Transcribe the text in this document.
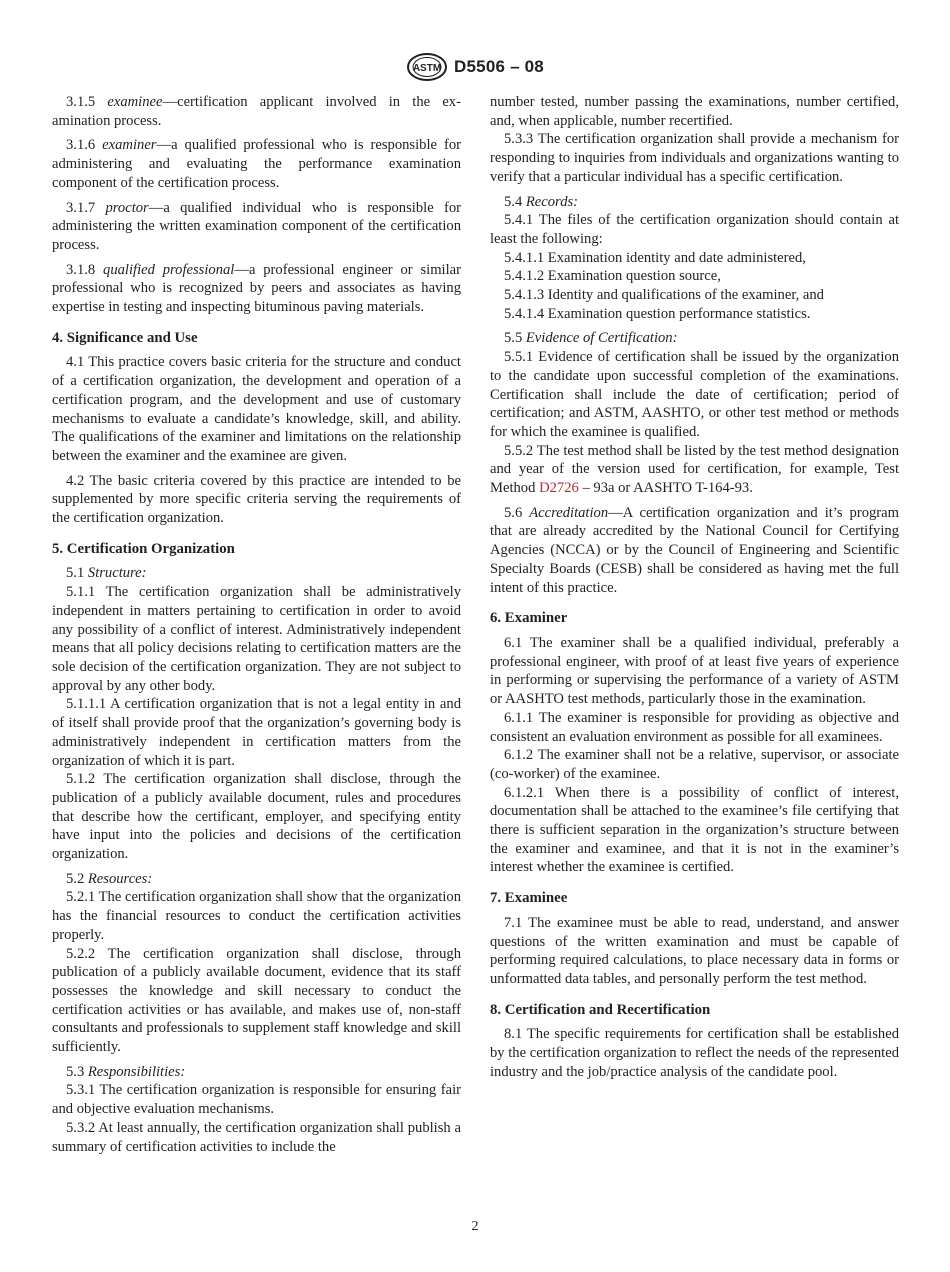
ASTM D5506 – 08

3.1.5 examinee—certification applicant involved in the examination process.

3.1.6 examiner—a qualified professional who is responsible for administering and evaluating the performance examination component of the certification process.

3.1.7 proctor—a qualified individual who is responsible for administering the written examination component of the certification process.

3.1.8 qualified professional—a professional engineer or similar professional who is recognized by peers and associates as having expertise in testing and inspecting bituminous paving materials.

4. Significance and Use

4.1 This practice covers basic criteria for the structure and conduct of a certification organization, the development and operation of a certification program, and the development and use of customary mechanisms to evaluate a candidate’s knowledge, skill, and ability. The qualifications of the examiner and limitations on the relationship between the examiner and the examinee are given.

4.2 The basic criteria covered by this practice are intended to be supplemented by more specific criteria serving the requirements of the certification organization.

5. Certification Organization

5.1 Structure:

5.1.1 The certification organization shall be administratively independent in matters pertaining to certification in order to avoid any possibility of a conflict of interest. Administratively independent means that all policy decisions relating to certification matters are the sole decision of the certification organization. They are not subject to approval by any other body.

5.1.1.1 A certification organization that is not a legal entity in and of itself shall provide proof that the organization’s governing body is administratively independent in certification matters from the organization of which it is part.

5.1.2 The certification organization shall disclose, through the publication of a publicly available document, rules and procedures that describe how the certificant, employer, and specifying entity have input into the policies and decisions of the certification organization.

5.2 Resources:

5.2.1 The certification organization shall show that the organization has the financial resources to conduct the certification activities properly.

5.2.2 The certification organization shall disclose, through publication of a publicly available document, evidence that its staff possesses the knowledge and skill necessary to conduct the certification activities or has available, and makes use of, non-staff consultants and professionals to supplement staff knowledge and skill sufficiently.

5.3 Responsibilities:

5.3.1 The certification organization is responsible for ensuring fair and objective evaluation mechanisms.

5.3.2 At least annually, the certification organization shall publish a summary of certification activities to include the

number tested, number passing the examinations, number certified, and, when applicable, number recertified.

5.3.3 The certification organization shall provide a mechanism for responding to inquiries from individuals and organizations wanting to verify that a particular individual has a specific certification.

5.4 Records:

5.4.1 The files of the certification organization should contain at least the following:

5.4.1.1 Examination identity and date administered,

5.4.1.2 Examination question source,

5.4.1.3 Identity and qualifications of the examiner, and

5.4.1.4 Examination question performance statistics.

5.5 Evidence of Certification:

5.5.1 Evidence of certification shall be issued by the organization to the candidate upon successful completion of the examinations. Certification shall include the date of certification; period of certification; and ASTM, AASHTO, or other test method or methods for which the examinee is qualified.

5.5.2 The test method shall be listed by the test method designation and year of the version used for certification, for example, Test Method D2726 – 93a or AASHTO T-164-93.

5.6 Accreditation—A certification organization and it’s program that are already accredited by the National Council for Certifying Agencies (NCCA) or by the Council of Engineering and Scientific Specialty Boards (CESB) shall be considered as having met the full intent of this practice.

6. Examiner

6.1 The examiner shall be a qualified individual, preferably a professional engineer, with proof of at least five years of experience in performing or supervising the performance of a variety of ASTM or AASHTO test methods, particularly those in the examination.

6.1.1 The examiner is responsible for providing as objective and consistent an evaluation environment as possible for all examinees.

6.1.2 The examiner shall not be a relative, supervisor, or associate (co-worker) of the examinee.

6.1.2.1 When there is a possibility of conflict of interest, documentation shall be attached to the examinee’s file certifying that there is sufficient separation in the organization’s structure between the examiner and examinee, and that it is not in the examiner’s interest whether the examinee is certified.

7. Examinee

7.1 The examinee must be able to read, understand, and answer questions of the written examination and must be capable of performing required calculations, to place necessary data in forms or unformatted data tables, and personally perform the test method.

8. Certification and Recertification

8.1 The specific requirements for certification shall be established by the certification organization to reflect the needs of the represented industry and the job/practice analysis of the candidate pool.

2
